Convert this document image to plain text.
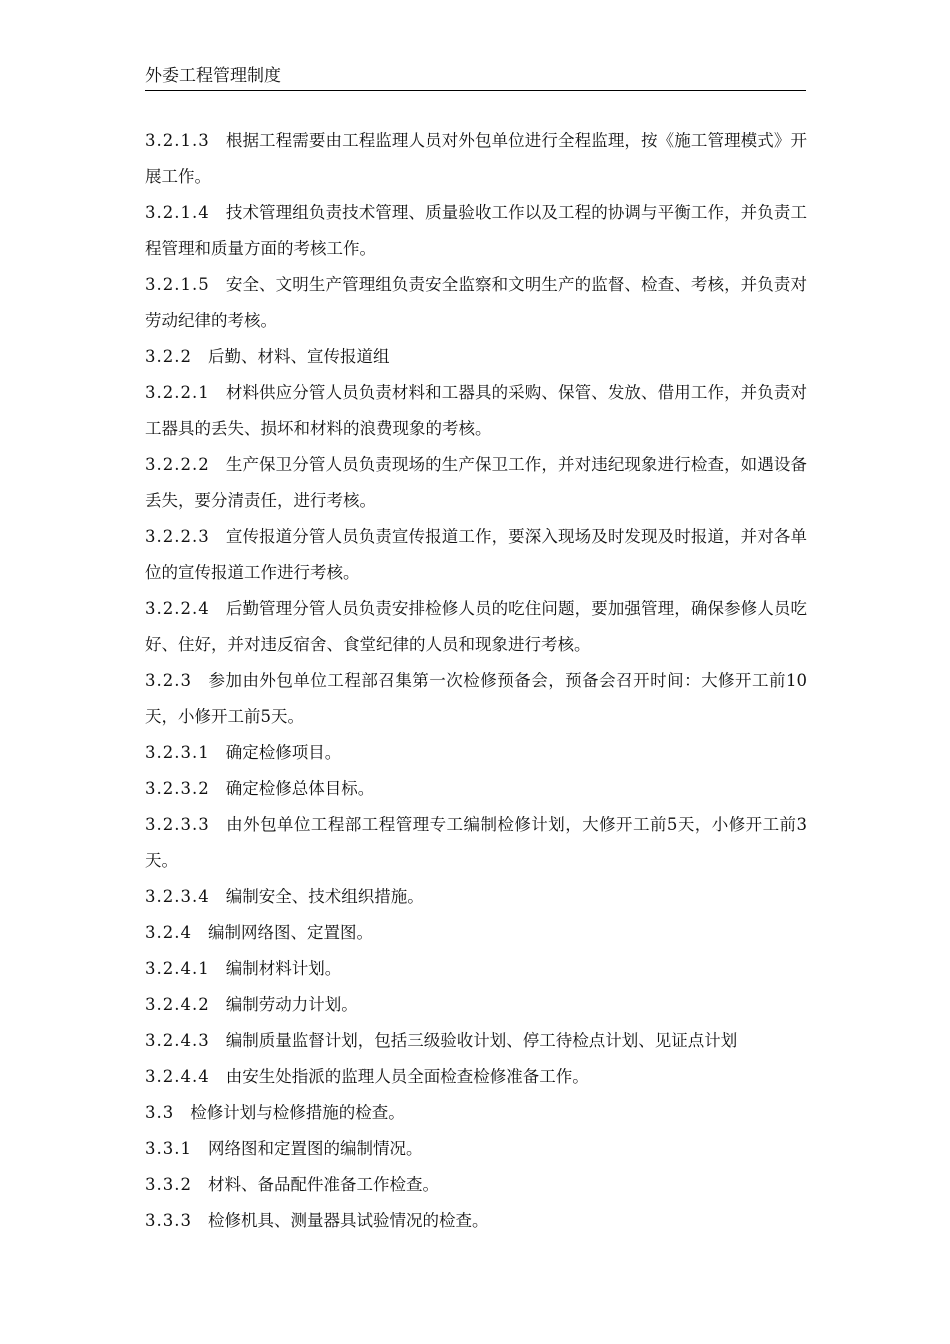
外委工程管理制度

3.2.1.3 根据工程需要由工程监理人员对外包单位进行全程监理，按《施工管理模式》开展工作。

3.2.1.4 技术管理组负责技术管理、质量验收工作以及工程的协调与平衡工作，并负责工程管理和质量方面的考核工作。

3.2.1.5 安全、文明生产管理组负责安全监察和文明生产的监督、检查、考核，并负责对劳动纪律的考核。

3.2.2 后勤、材料、宣传报道组

3.2.2.1 材料供应分管人员负责材料和工器具的采购、保管、发放、借用工作，并负责对工器具的丢失、损坏和材料的浪费现象的考核。

3.2.2.2 生产保卫分管人员负责现场的生产保卫工作，并对违纪现象进行检查，如遇设备丢失，要分清责任，进行考核。

3.2.2.3 宣传报道分管人员负责宣传报道工作，要深入现场及时发现及时报道，并对各单位的宣传报道工作进行考核。

3.2.2.4 后勤管理分管人员负责安排检修人员的吃住问题，要加强管理，确保参修人员吃好、住好，并对违反宿舍、食堂纪律的人员和现象进行考核。

3.2.3 参加由外包单位工程部召集第一次检修预备会，预备会召开时间：大修开工前10天，小修开工前5天。

3.2.3.1 确定检修项目。

3.2.3.2 确定检修总体目标。

3.2.3.3 由外包单位工程部工程管理专工编制检修计划，大修开工前5天，小修开工前3天。

3.2.3.4 编制安全、技术组织措施。

3.2.4 编制网络图、定置图。

3.2.4.1 编制材料计划。

3.2.4.2 编制劳动力计划。

3.2.4.3 编制质量监督计划，包括三级验收计划、停工待检点计划、见证点计划

3.2.4.4 由安生处指派的监理人员全面检查检修准备工作。

3.3 检修计划与检修措施的检查。

3.3.1 网络图和定置图的编制情况。

3.3.2 材料、备品配件准备工作检查。

3.3.3 检修机具、测量器具试验情况的检查。
